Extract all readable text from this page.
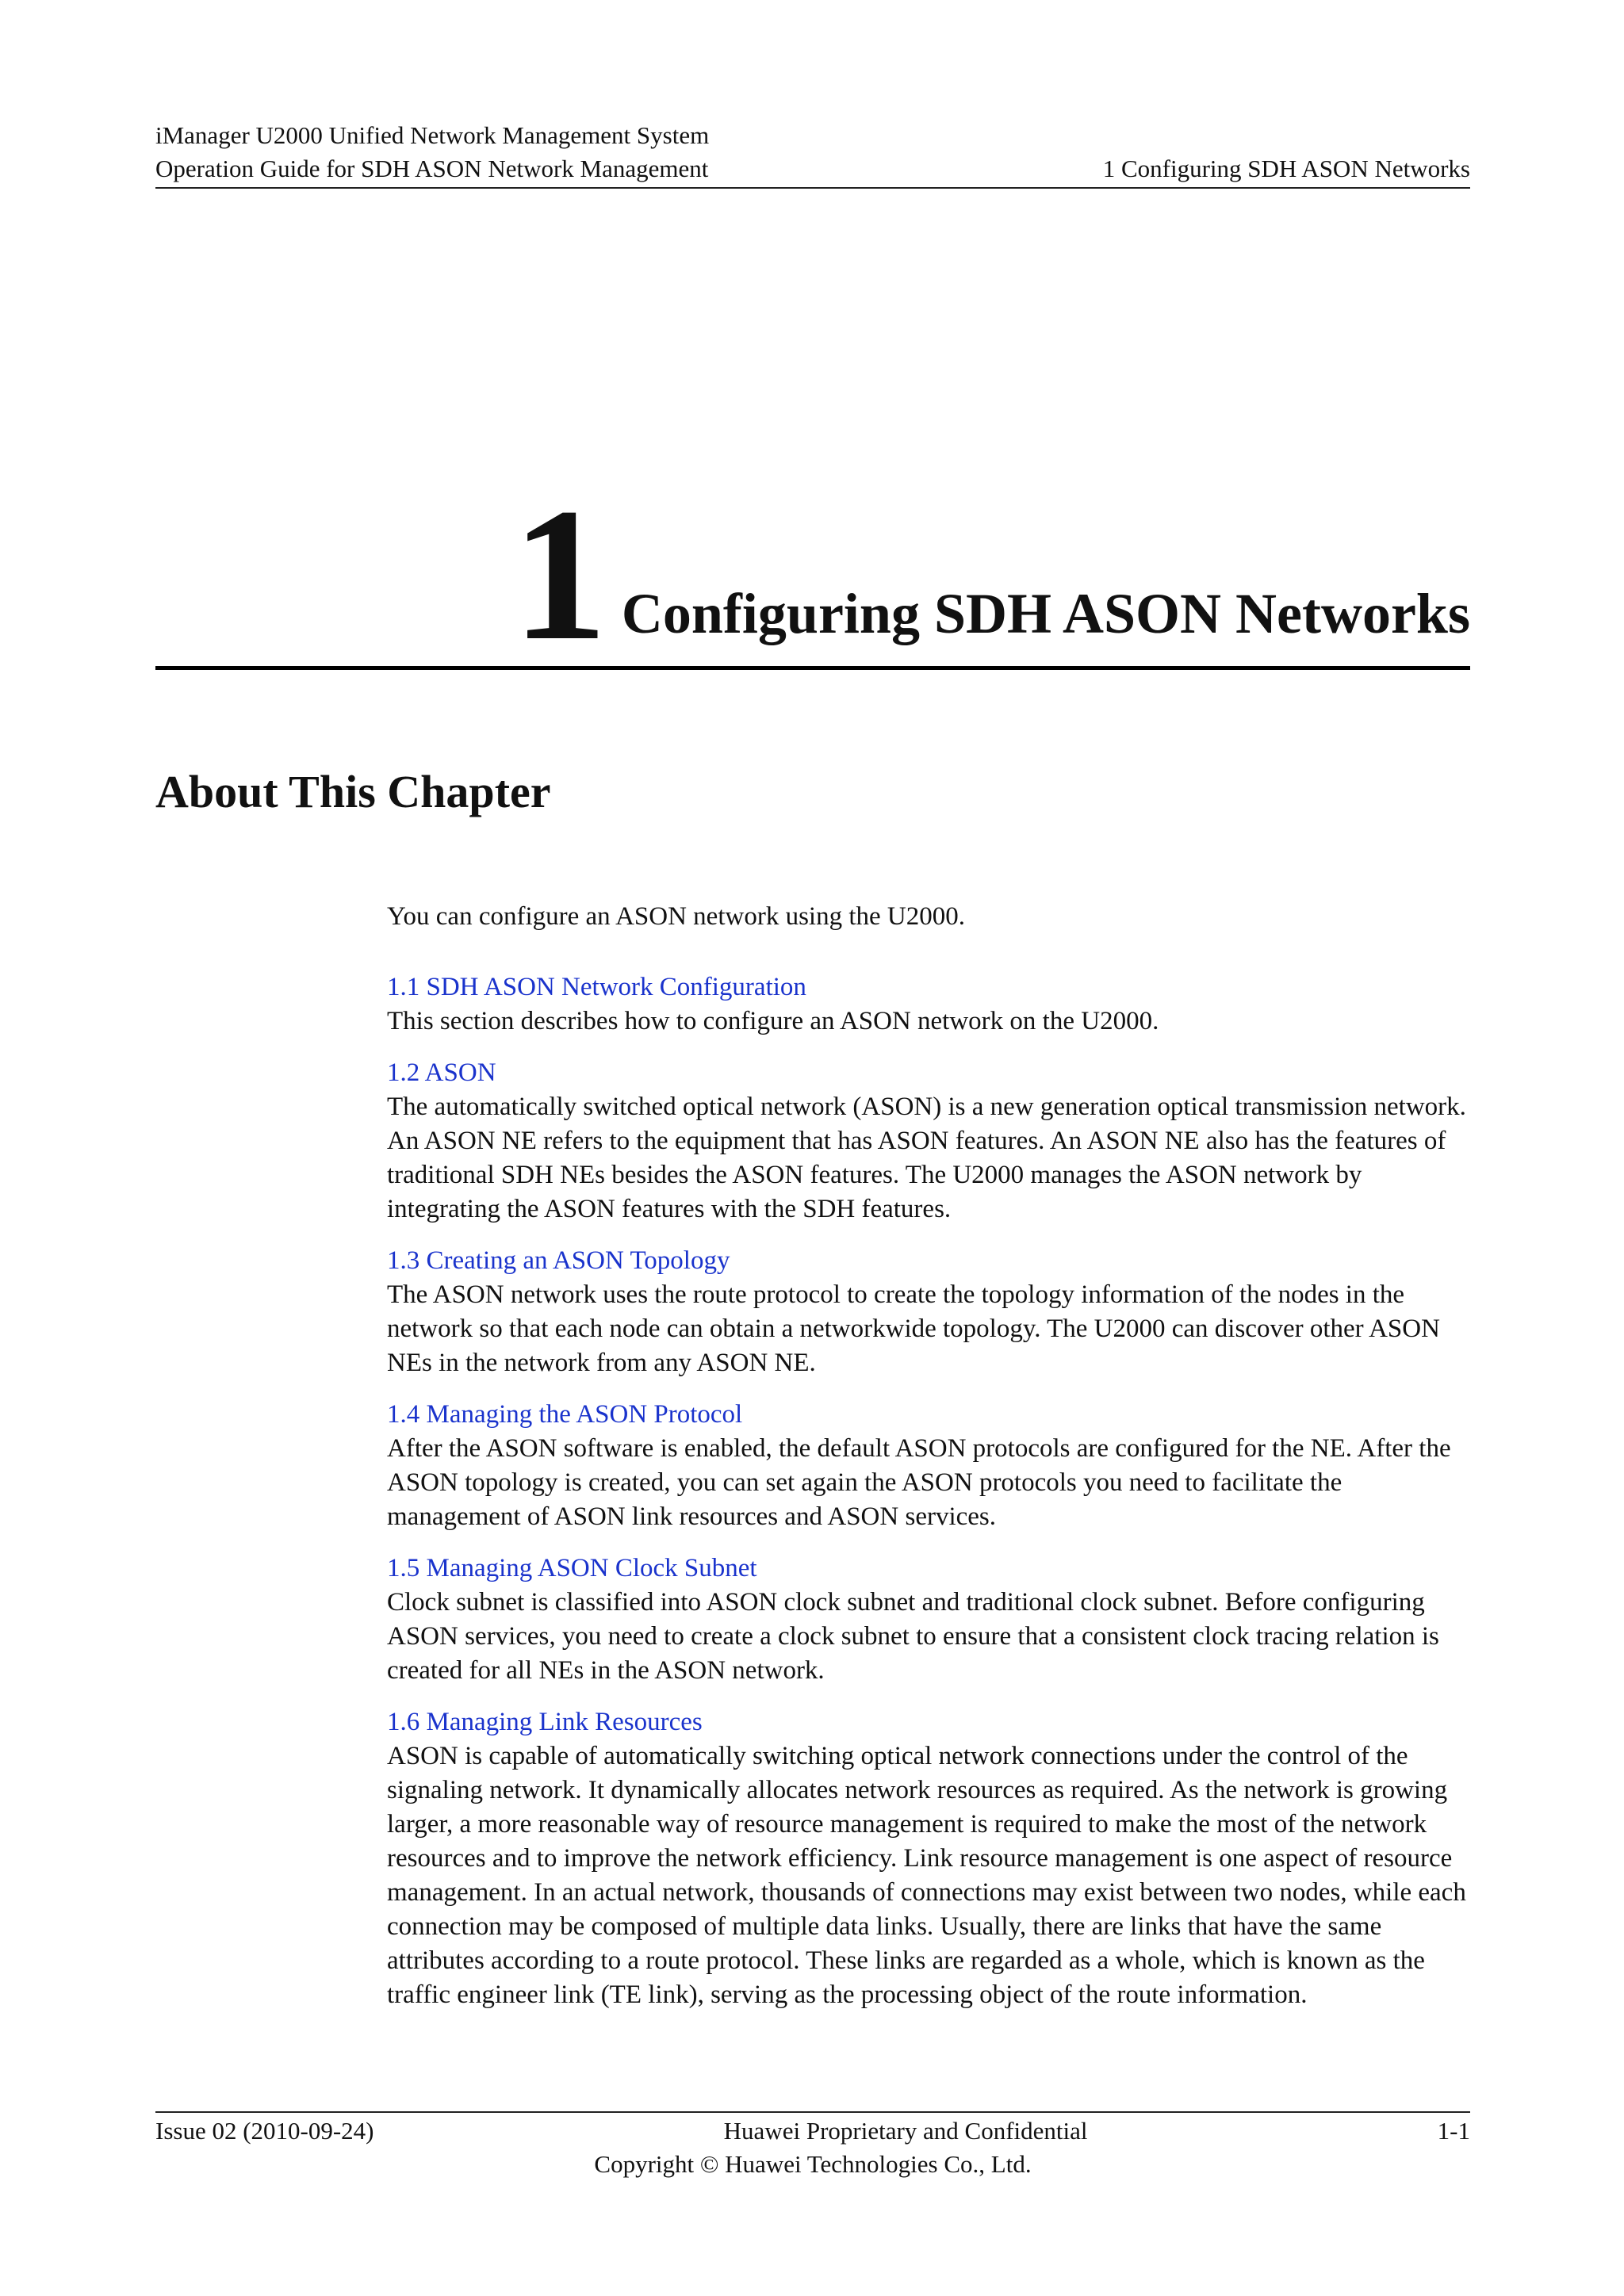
iManager U2000 Unified Network Management System
Operation Guide for SDH ASON Network Management	1 Configuring SDH ASON Networks
1 Configuring SDH ASON Networks
About This Chapter
You can configure an ASON network using the U2000.
1.1 SDH ASON Network Configuration
This section describes how to configure an ASON network on the U2000.
1.2 ASON
The automatically switched optical network (ASON) is a new generation optical transmission network. An ASON NE refers to the equipment that has ASON features. An ASON NE also has the features of traditional SDH NEs besides the ASON features. The U2000 manages the ASON network by integrating the ASON features with the SDH features.
1.3 Creating an ASON Topology
The ASON network uses the route protocol to create the topology information of the nodes in the network so that each node can obtain a networkwide topology. The U2000 can discover other ASON NEs in the network from any ASON NE.
1.4 Managing the ASON Protocol
After the ASON software is enabled, the default ASON protocols are configured for the NE. After the ASON topology is created, you can set again the ASON protocols you need to facilitate the management of ASON link resources and ASON services.
1.5 Managing ASON Clock Subnet
Clock subnet is classified into ASON clock subnet and traditional clock subnet. Before configuring ASON services, you need to create a clock subnet to ensure that a consistent clock tracing relation is created for all NEs in the ASON network.
1.6 Managing Link Resources
ASON is capable of automatically switching optical network connections under the control of the signaling network. It dynamically allocates network resources as required. As the network is growing larger, a more reasonable way of resource management is required to make the most of the network resources and to improve the network efficiency. Link resource management is one aspect of resource management. In an actual network, thousands of connections may exist between two nodes, while each connection may be composed of multiple data links. Usually, there are links that have the same attributes according to a route protocol. These links are regarded as a whole, which is known as the traffic engineer link (TE link), serving as the processing object of the route information.
Issue 02 (2010-09-24)	Huawei Proprietary and Confidential	1-1
Copyright © Huawei Technologies Co., Ltd.
